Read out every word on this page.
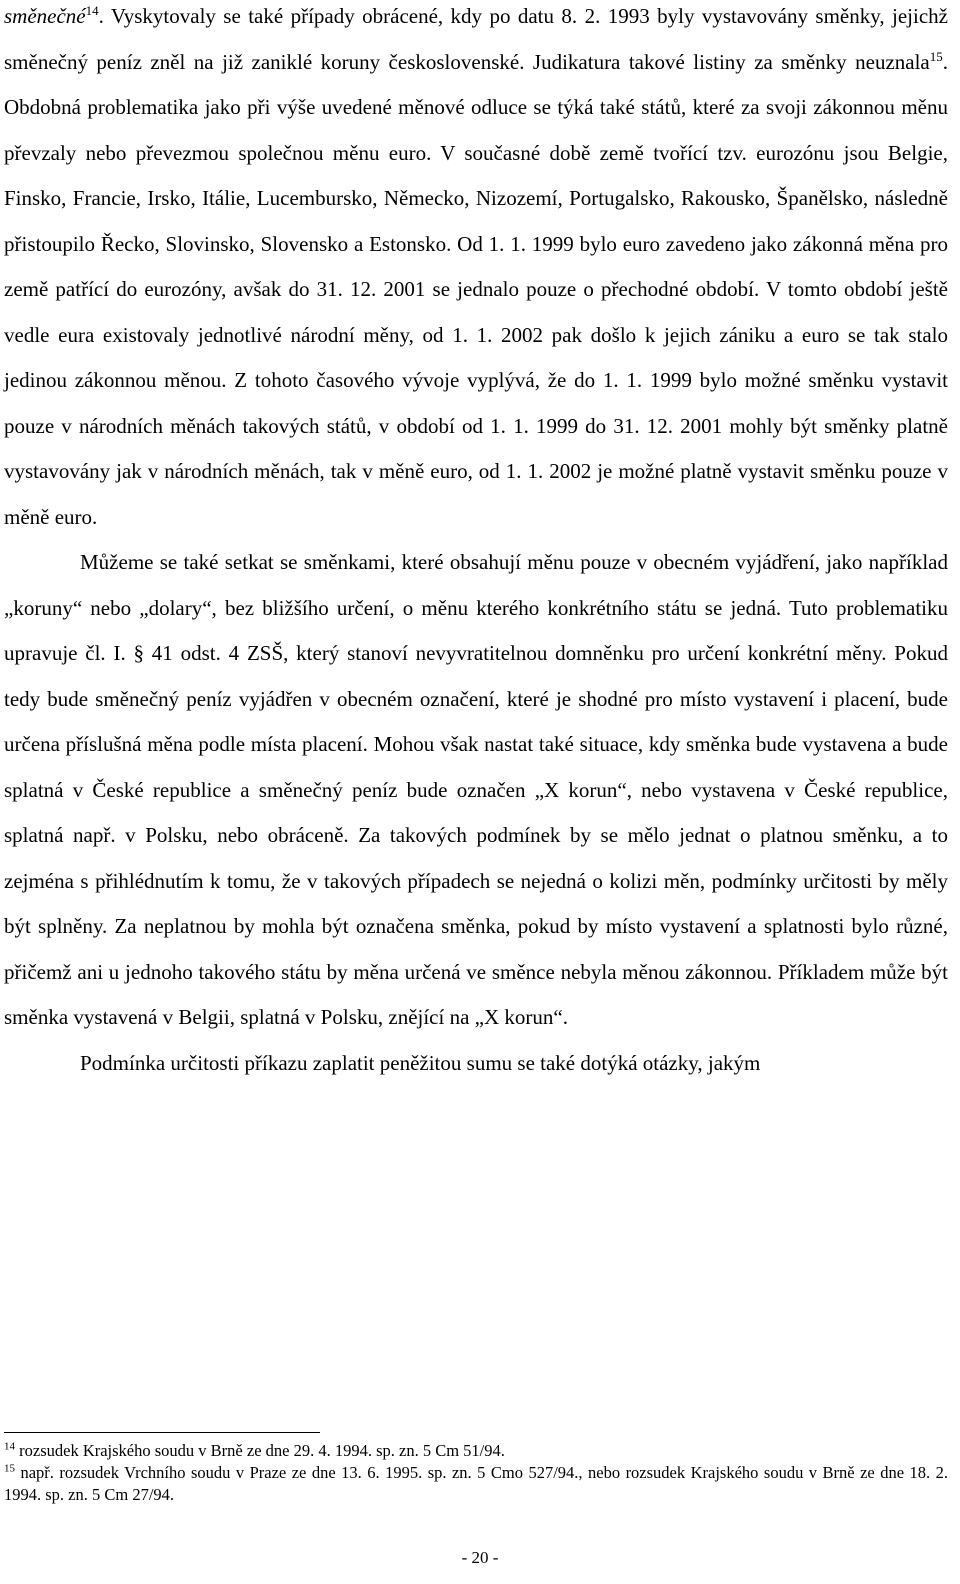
směnečné$^{14}$. Vyskytovaly se také případy obrácené, kdy po datu 8. 2. 1993 byly vystavovány směnky, jejichž směnečný peníz zněl na již zaniklé koruny československé. Judikatura takové listiny za směnky neuznala$^{15}$. Obdobná problematika jako při výše uvedené měnové odluce se týká také států, které za svoji zákonnou měnu převzaly nebo převezmou společnou měnu euro. V současné době země tvořící tzv. eurozónu jsou Belgie, Finsko, Francie, Irsko, Itálie, Lucembursko, Německo, Nizozemí, Portugalsko, Rakousko, Španělsko, následně přistoupilo Řecko, Slovinsko, Slovensko a Estonsko. Od 1. 1. 1999 bylo euro zavedeno jako zákonná měna pro země patřící do eurozóny, avšak do 31. 12. 2001 se jednalo pouze o přechodné období. V tomto období ještě vedle eura existovaly jednotlivé národní měny, od 1. 1. 2002 pak došlo k jejich zániku a euro se tak stalo jedinou zákonnou měnou. Z tohoto časového vývoje vyplývá, že do 1. 1. 1999 bylo možné směnku vystavit pouze v národních měnách takových států, v období od 1. 1. 1999 do 31. 12. 2001 mohly být směnky platně vystavovány jak v národních měnách, tak v měně euro, od 1. 1. 2002 je možné platně vystavit směnku pouze v měně euro.

Můžeme se také setkat se směnkami, které obsahují měnu pouze v obecném vyjádření, jako například „koruny“ nebo „dolary“, bez bližšího určení, o měnu kterého konkrétního státu se jedná. Tuto problematiku upravuje čl. I. § 41 odst. 4 ZSŠ, který stanoví nevyvratitelnou domněnku pro určení konkrétní měny. Pokud tedy bude směnečný peníz vyjádřen v obecném označení, které je shodné pro místo vystavení i placení, bude určena příslušná měna podle místa placení. Mohou však nastat také situace, kdy směnka bude vystavena a bude splatná v České republice a směnečný peníz bude označen „X korun“, nebo vystavena v České republice, splatná např. v Polsku, nebo obráceně. Za takových podmínek by se mělo jednat o platnou směnku, a to zejména s přihlédnutím k tomu, že v takových případech se nejedná o kolizi měn, podmínky určitosti by měly být splněny. Za neplatnou by mohla být označena směnka, pokud by místo vystavení a splatnosti bylo různé, přičemž ani u jednoho takového státu by měna určená ve směnce nebyla měnou zákonnou. Příkladem může být směnka vystavená v Belgii, splatná v Polsku, znějící na „X korun“.

Podmínka určitosti příkazu zaplatit peněžitou sumu se také dotýká otázky, jakým

$^{14}$ rozsudek Krajského soudu v Brně ze dne 29. 4. 1994. sp. zn. 5 Cm 51/94.

$^{15}$ např. rozsudek Vrchního soudu v Praze ze dne 13. 6. 1995. sp. zn. 5 Cmo 527/94., nebo rozsudek Krajského soudu v Brně ze dne 18. 2. 1994. sp. zn. 5 Cm 27/94.

- 20 -
